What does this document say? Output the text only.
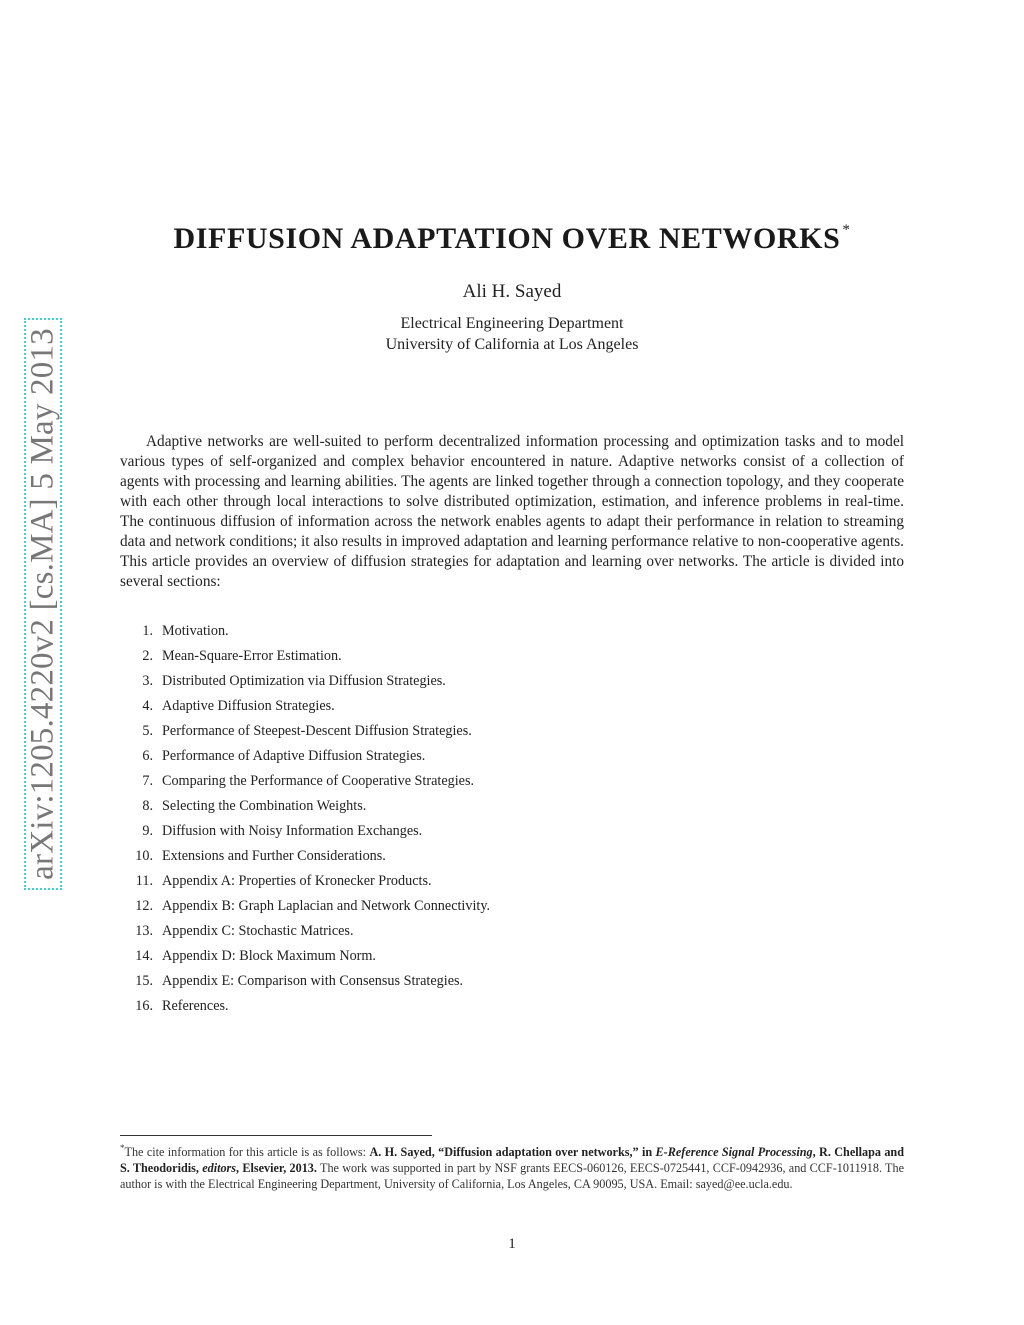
arXiv:1205.4220v2 [cs.MA] 5 May 2013
DIFFUSION ADAPTATION OVER NETWORKS *
Ali H. Sayed
Electrical Engineering Department
University of California at Los Angeles

Adaptive networks are well-suited to perform decentralized information processing and optimization tasks and to model various types of self-organized and complex behavior encountered in nature. Adaptive networks consist of a collection of agents with processing and learning abilities. The agents are linked together through a connection topology, and they cooperate with each other through local interactions to solve distributed optimization, estimation, and inference problems in real-time. The continuous diffusion of information across the network enables agents to adapt their performance in relation to streaming data and network conditions; it also results in improved adaptation and learning performance relative to non-cooperative agents. This article provides an overview of diffusion strategies for adaptation and learning over networks. The article is divided into several sections:

1. Motivation.
2. Mean-Square-Error Estimation.
3. Distributed Optimization via Diffusion Strategies.
4. Adaptive Diffusion Strategies.
5. Performance of Steepest-Descent Diffusion Strategies.
6. Performance of Adaptive Diffusion Strategies.
7. Comparing the Performance of Cooperative Strategies.
8. Selecting the Combination Weights.
9. Diffusion with Noisy Information Exchanges.
10. Extensions and Further Considerations.
11. Appendix A: Properties of Kronecker Products.
12. Appendix B: Graph Laplacian and Network Connectivity.
13. Appendix C: Stochastic Matrices.
14. Appendix D: Block Maximum Norm.
15. Appendix E: Comparison with Consensus Strategies.
16. References.

*The cite information for this article is as follows: A. H. Sayed, “Diffusion adaptation over networks,” in E-Reference Signal Processing, R. Chellapa and S. Theodoridis, editors, Elsevier, 2013. The work was supported in part by NSF grants EECS-060126, EECS-0725441, CCF-0942936, and CCF-1011918. The author is with the Electrical Engineering Department, University of California, Los Angeles, CA 90095, USA. Email: sayed@ee.ucla.edu.

1
